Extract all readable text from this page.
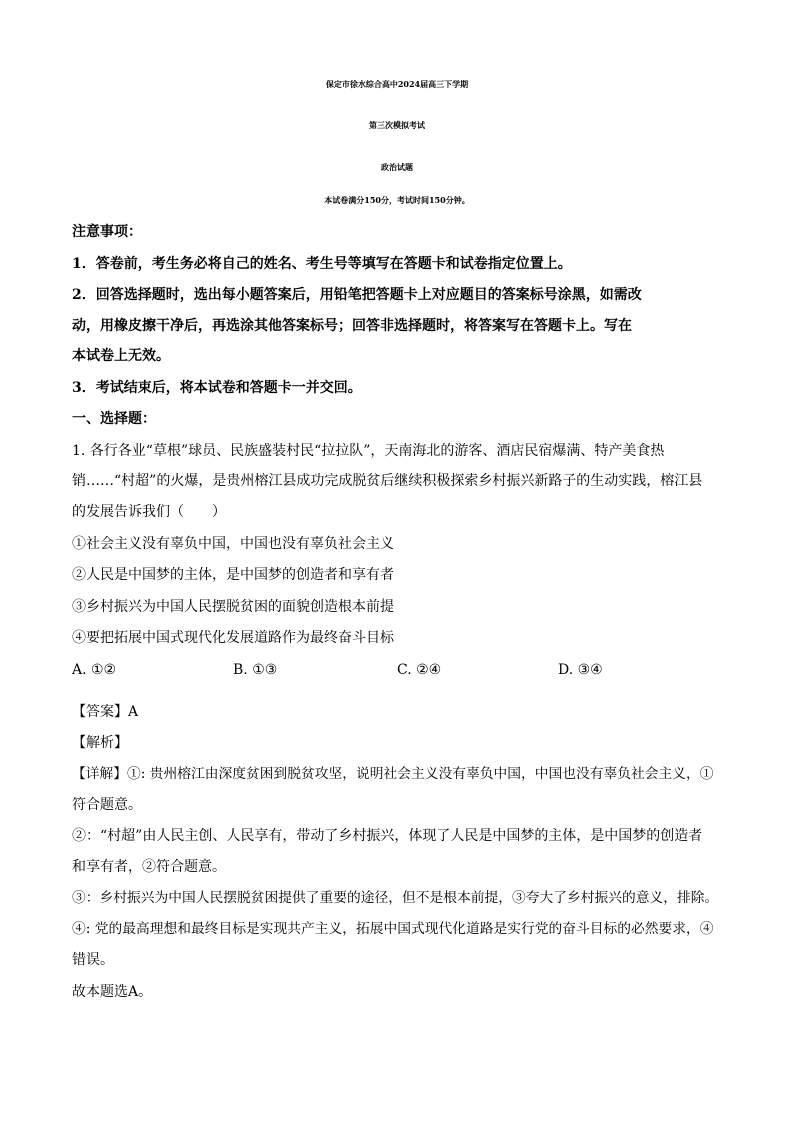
保定市徐水综合高中2024届高三下学期
第三次模拟考试
政治试题
本试卷满分150分，考试时间150分钟。
注意事项：
1．答卷前，考生务必将自己的姓名、考生号等填写在答题卡和试卷指定位置上。
2．回答选择题时，选出每小题答案后，用铅笔把答题卡上对应题目的答案标号涂黑，如需改
动，用橡皮擦干净后，再选涂其他答案标号；回答非选择题时，将答案写在答题卡上。写在
本试卷上无效。
3．考试结束后，将本试卷和答题卡一并交回。
一、选择题：
1. 各行各业“草根”球员、民族盛装村民“拉拉队”，天南海北的游客、酒店民宿爆满、特产美食热
销……“村超”的火爆，是贵州榕江县成功完成脱贫后继续积极探索乡村振兴新路子的生动实践，榕江县
的发展告诉我们（　　）
①社会主义没有辜负中国，中国也没有辜负社会主义
②人民是中国梦的主体，是中国梦的创造者和享有者
③乡村振兴为中国人民摆脱贫困的面貌创造根本前提
④要把拓展中国式现代化发展道路作为最终奋斗目标
A. ①②	B. ①③	C. ②④	D. ③④
【答案】A
【解析】
【详解】①: 贵州榕江由深度贫困到脱贫攻坚，说明社会主义没有辜负中国，中国也没有辜负社会主义，①
符合题意。
②：“村超”由人民主创、人民享有，带动了乡村振兴，体现了人民是中国梦的主体，是中国梦的创造者
和享有者，②符合题意。
③：乡村振兴为中国人民摆脱贫困提供了重要的途径，但不是根本前提，③夸大了乡村振兴的意义，排除。
④: 党的最高理想和最终目标是实现共产主义，拓展中国式现代化道路是实行党的奋斗目标的必然要求，④
错误。
故本题选A。
